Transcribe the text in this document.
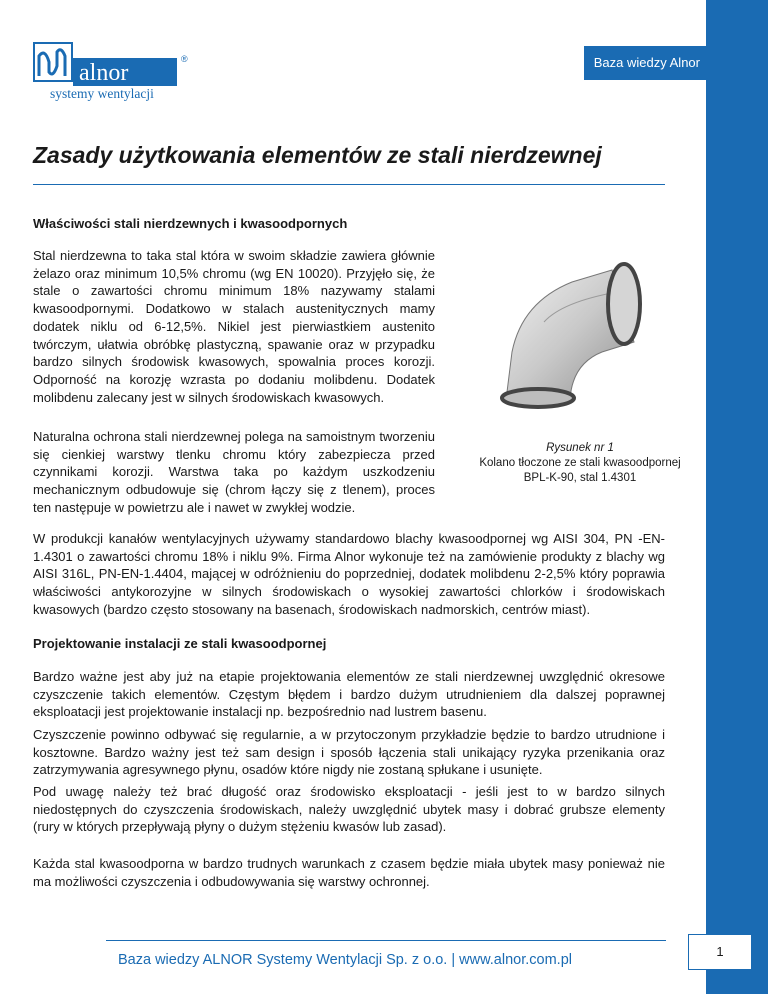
Baza wiedzy Alnor
alnor
®
systemy wentylacji
Zasady użytkowania elementów ze stali nierdzewnej
Właściwości stali nierdzewnych i kwasoodpornych

Stal nierdzewna to taka stal która w swoim składzie zawiera głównie żelazo oraz minimum 10,5% chromu (wg EN 10020). Przyjęło się, że stale o zawartości chromu minimum 18% nazywamy stalami kwasoodpornymi. Dodatkowo w stalach austenitycznych mamy dodatek niklu od 6-12,5%. Nikiel jest pierwiastkiem austenito twórczym, ułatwia obróbkę plastyczną, spawanie oraz w przypadku bardzo silnych środowisk kwasowych, spowalnia proces korozji. Odporność na korozję wzrasta po dodaniu molibdenu. Dodatek molibdenu zalecany jest w silnych środowiskach kwasowych.

Naturalna ochrona stali nierdzewnej polega na samoistnym tworzeniu się cienkiej warstwy tlenku chromu który zabezpiecza przed czynnikami korozji. Warstwa taka po każdym uszkodzeniu mechanicznym odbudowuje się (chrom łączy się z tlenem), proces ten następuje w powietrzu ale i nawet w zwykłej wodzie.

Rysunek nr 1
Kolano tłoczone ze stali kwasoodpornej
BPL-K-90, stal 1.4301

W produkcji kanałów wentylacyjnych używamy standardowo blachy kwasoodpornej wg AISI 304, PN -EN-1.4301 o zawartości chromu 18% i niklu 9%. Firma Alnor wykonuje też na zamówienie produkty z blachy wg AISI 316L, PN-EN-1.4404, mającej w odróżnieniu do poprzedniej, dodatek molibdenu 2-2,5% który poprawia właściwości antykorozyjne w silnych środowiskach o wysokiej zawartości chlorków i środowiskach kwasowych (bardzo często stosowany na basenach, środowiskach nadmorskich, centrów miast).

Projektowanie instalacji ze stali kwasoodpornej

Bardzo ważne jest aby już na etapie projektowania elementów ze stali nierdzewnej uwzględnić okresowe czyszczenie takich elementów. Częstym błędem i bardzo dużym utrudnieniem dla dalszej poprawnej eksploatacji jest projektowanie instalacji np. bezpośrednio nad lustrem basenu.

Czyszczenie powinno odbywać się regularnie, a w przytoczonym przykładzie będzie to bardzo utrudnione i kosztowne. Bardzo ważny jest też sam design i sposób łączenia stali unikający ryzyka przenikania oraz zatrzymywania agresywnego płynu, osadów które nigdy nie zostaną spłukane i usunięte.

Pod uwagę należy też brać długość oraz środowisko eksploatacji - jeśli jest to w bardzo silnych niedostępnych do czyszczenia środowiskach, należy uwzględnić ubytek masy i dobrać grubsze elementy (rury w których przepływają płyny o dużym stężeniu kwasów lub zasad).

Każda stal kwasoodporna w bardzo trudnych warunkach z czasem będzie miała ubytek masy ponieważ nie ma możliwości czyszczenia i odbudowywania się warstwy ochronnej.

Baza wiedzy ALNOR Systemy Wentylacji Sp. z o.o. | www.alnor.com.pl
1
